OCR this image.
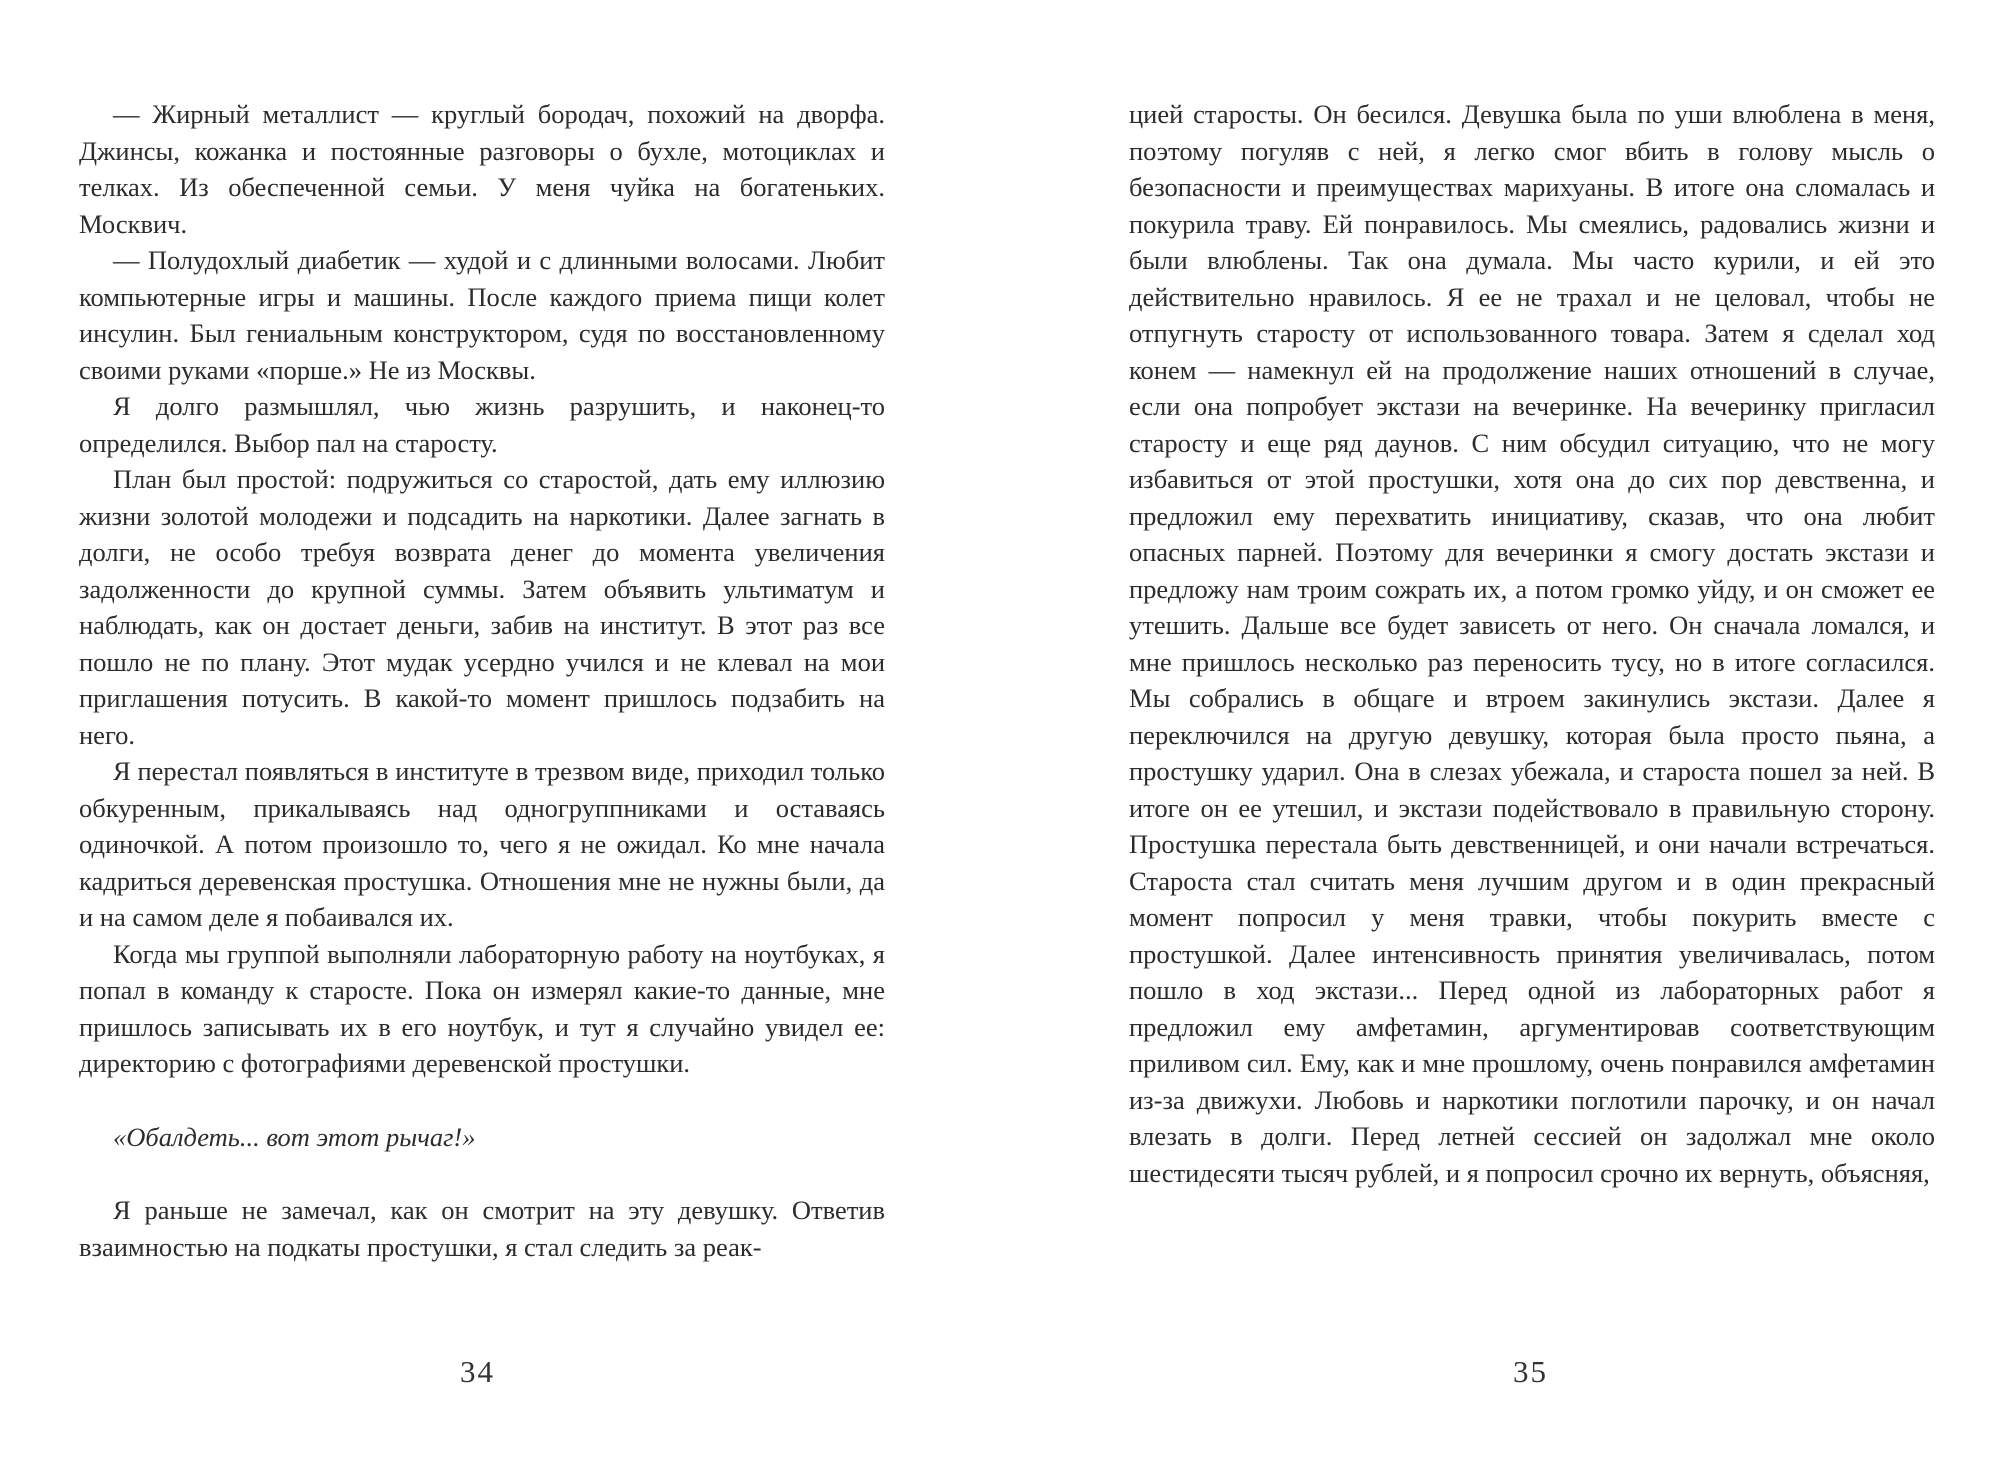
— Жирный металлист — круглый бородач, похожий на дворфа. Джинсы, кожанка и постоянные разговоры о бухле, мотоциклах и телках. Из обеспеченной семьи. У меня чуйка на богатеньких. Москвич.

— Полудохлый диабетик — худой и с длинными волосами. Любит компьютерные игры и машины. После каждого приема пищи колет инсулин. Был гениальным конструктором, судя по восстановленному своими руками «порше.» Не из Москвы.

Я долго размышлял, чью жизнь разрушить, и наконец-то определился. Выбор пал на старосту.

План был простой: подружиться со старостой, дать ему иллюзию жизни золотой молодежи и подсадить на наркотики. Далее загнать в долги, не особо требуя возврата денег до момента увеличения задолженности до крупной суммы. Затем объявить ультиматум и наблюдать, как он достает деньги, забив на институт. В этот раз все пошло не по плану. Этот мудак усердно учился и не клевал на мои приглашения потусить. В какой-то момент пришлось подзабить на него.

Я перестал появляться в институте в трезвом виде, приходил только обкуренным, прикалываясь над одногруппниками и оставаясь одиночкой. А потом произошло то, чего я не ожидал. Ко мне начала кадриться деревенская простушка. Отношения мне не нужны были, да и на самом деле я побаивался их.

Когда мы группой выполняли лабораторную работу на ноутбуках, я попал в команду к старосте. Пока он измерял какие-то данные, мне пришлось записывать их в его ноутбук, и тут я случайно увидел ее: директорию с фотографиями деревенской простушки.

«Обалдеть... вот этот рычаг!»

Я раньше не замечал, как он смотрит на эту девушку. Ответив взаимностью на подкаты простушки, я стал следить за реак-

34

цией старосты. Он бесился. Девушка была по уши влюблена в меня, поэтому погуляв с ней, я легко смог вбить в голову мысль о безопасности и преимуществах марихуаны. В итоге она сломалась и покурила траву. Ей понравилось. Мы смеялись, радовались жизни и были влюблены. Так она думала. Мы часто курили, и ей это действительно нравилось. Я ее не трахал и не целовал, чтобы не отпугнуть старосту от использованного товара. Затем я сделал ход конем — намекнул ей на продолжение наших отношений в случае, если она попробует экстази на вечеринке. На вечеринку пригласил старосту и еще ряд даунов. С ним обсудил ситуацию, что не могу избавиться от этой простушки, хотя она до сих пор девственна, и предложил ему перехватить инициативу, сказав, что она любит опасных парней. Поэтому для вечеринки я смогу достать экстази и предложу нам троим сожрать их, а потом громко уйду, и он сможет ее утешить. Дальше все будет зависеть от него. Он сначала ломался, и мне пришлось несколько раз переносить тусу, но в итоге согласился. Мы собрались в общаге и втроем закинулись экстази. Далее я переключился на другую девушку, которая была просто пьяна, а простушку ударил. Она в слезах убежала, и староста пошел за ней. В итоге он ее утешил, и экстази подействовало в правильную сторону. Простушка перестала быть девственницей, и они начали встречаться. Староста стал считать меня лучшим другом и в один прекрасный момент попросил у меня травки, чтобы покурить вместе с простушкой. Далее интенсивность принятия увеличивалась, потом пошло в ход экстази... Перед одной из лабораторных работ я предложил ему амфетамин, аргументировав соответствующим приливом сил. Ему, как и мне прошлому, очень понравился амфетамин из-за движухи. Любовь и наркотики поглотили парочку, и он начал влезать в долги. Перед летней сессией он задолжал мне около шестидесяти тысяч рублей, и я попросил срочно их вернуть, объясняя,

35
